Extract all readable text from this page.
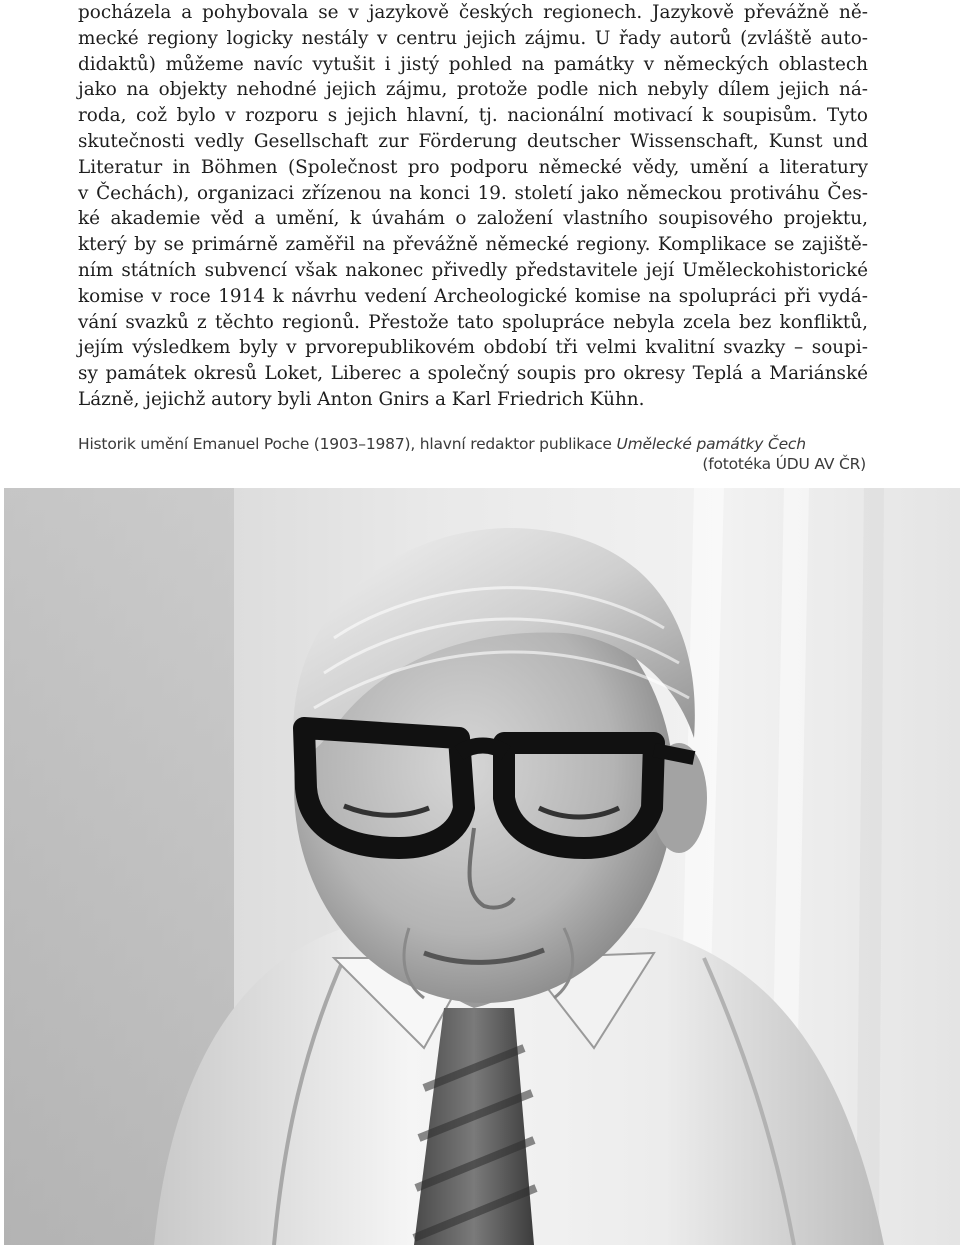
pocházela a pohybovala se v jazykově českých regionech. Jazykově převážně ně-
mecké regiony logicky nestály v centru jejich zájmu. U řady autorů (zvláště auto-
didaktů) můžeme navíc vytušit i jistý pohled na památky v německých oblastech
jako na objekty nehodné jejich zájmu, protože podle nich nebyly dílem jejich ná-
roda, což bylo v rozporu s jejich hlavní, tj. nacionální motivací k soupisům. Tyto
skutečnosti vedly Gesellschaft zur Förderung deutscher Wissenschaft, Kunst und
Literatur in Böhmen (Společnost pro podporu německé vědy, umění a literatury
v Čechách), organizaci zřízenou na konci 19. století jako německou protiváhu Čes-
ké akademie věd a umění, k úvahám o založení vlastního soupisového projektu,
který by se primárně zaměřil na převážně německé regiony. Komplikace se zajiště-
ním státních subvencí však nakonec přivedly představitele její Uměleckohistorické
komise v roce 1914 k návrhu vedení Archeologické komise na spolupráci při vydá-
vání svazků z těchto regionů. Přestože tato spolupráce nebyla zcela bez konfliktů,
jejím výsledkem byly v prvorepublikovém období tři velmi kvalitní svazky – soupi-
sy památek okresů Loket, Liberec a společný soupis pro okresy Teplá a Mariánské
Lázně, jejichž autory byli Anton Gnirs a Karl Friedrich Kühn.
Historik umění Emanuel Poche (1903–1987), hlavní redaktor publikace Umělecké památky Čech
(fototéka ÚDU AV ČR)
